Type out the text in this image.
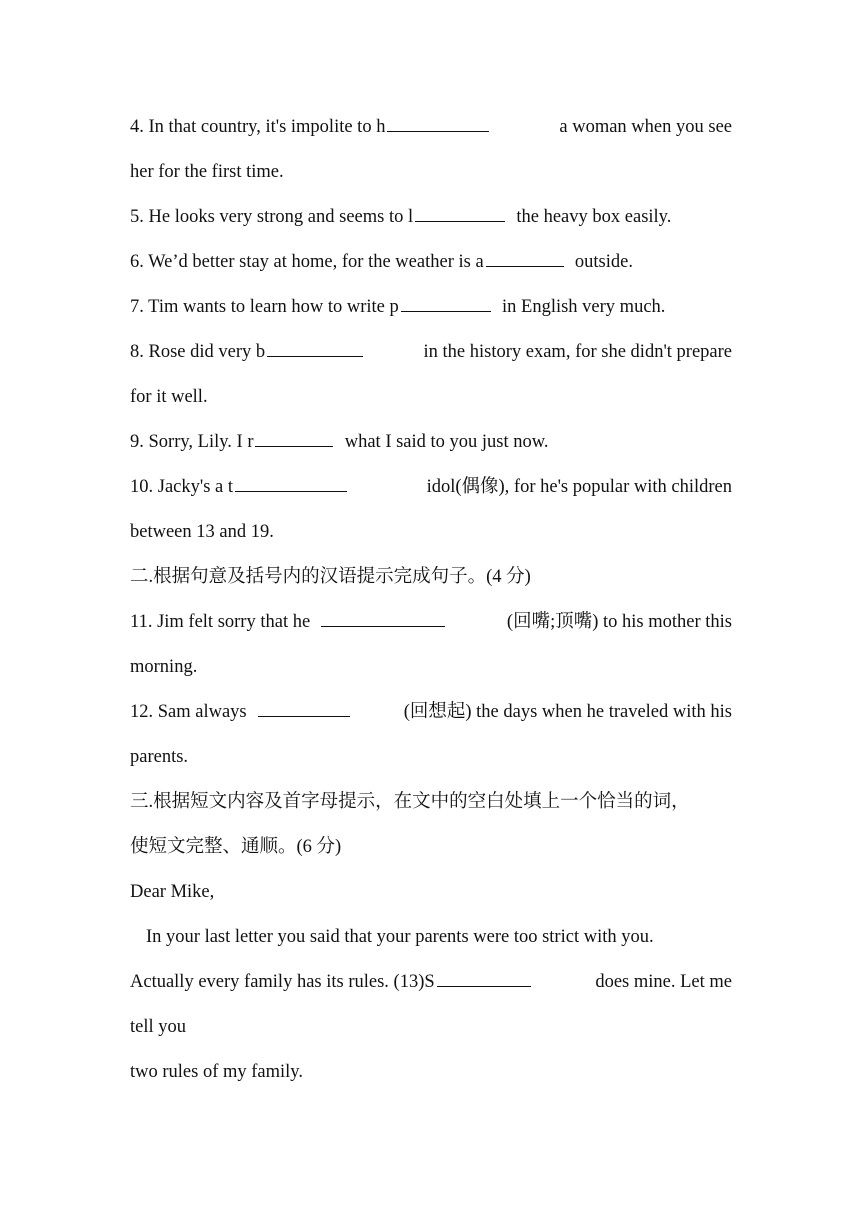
4. In that country, it's impolite to h	a woman when you see
her for the first time.
5. He looks very strong and seems to l	the heavy box easily.
6. We’d better stay at home, for the weather is a	outside.
7. Tim wants to learn how to write p	in English very much.
8. Rose did very b	in the history exam, for she didn't prepare
for it well.
9. Sorry, Lily. I r	what I said to you just now.
10. Jacky's a t	idol(偶像), for he's popular with children
between 13 and 19.
二.根据句意及括号内的汉语提示完成句子。(4 分)
11. Jim felt sorry that he	(回嘴;顶嘴) to his mother this
morning.
12. Sam always	(回想起) the days when he traveled with his
parents.
三.根据短文内容及首字母提示，在文中的空白处填上一个恰当的词，
使短文完整、通顺。(6 分)
Dear Mike,
In your last letter you said that your parents were too strict with you.
Actually every family has its rules. (13)S	does mine. Let me
tell you
two rules of my family.
